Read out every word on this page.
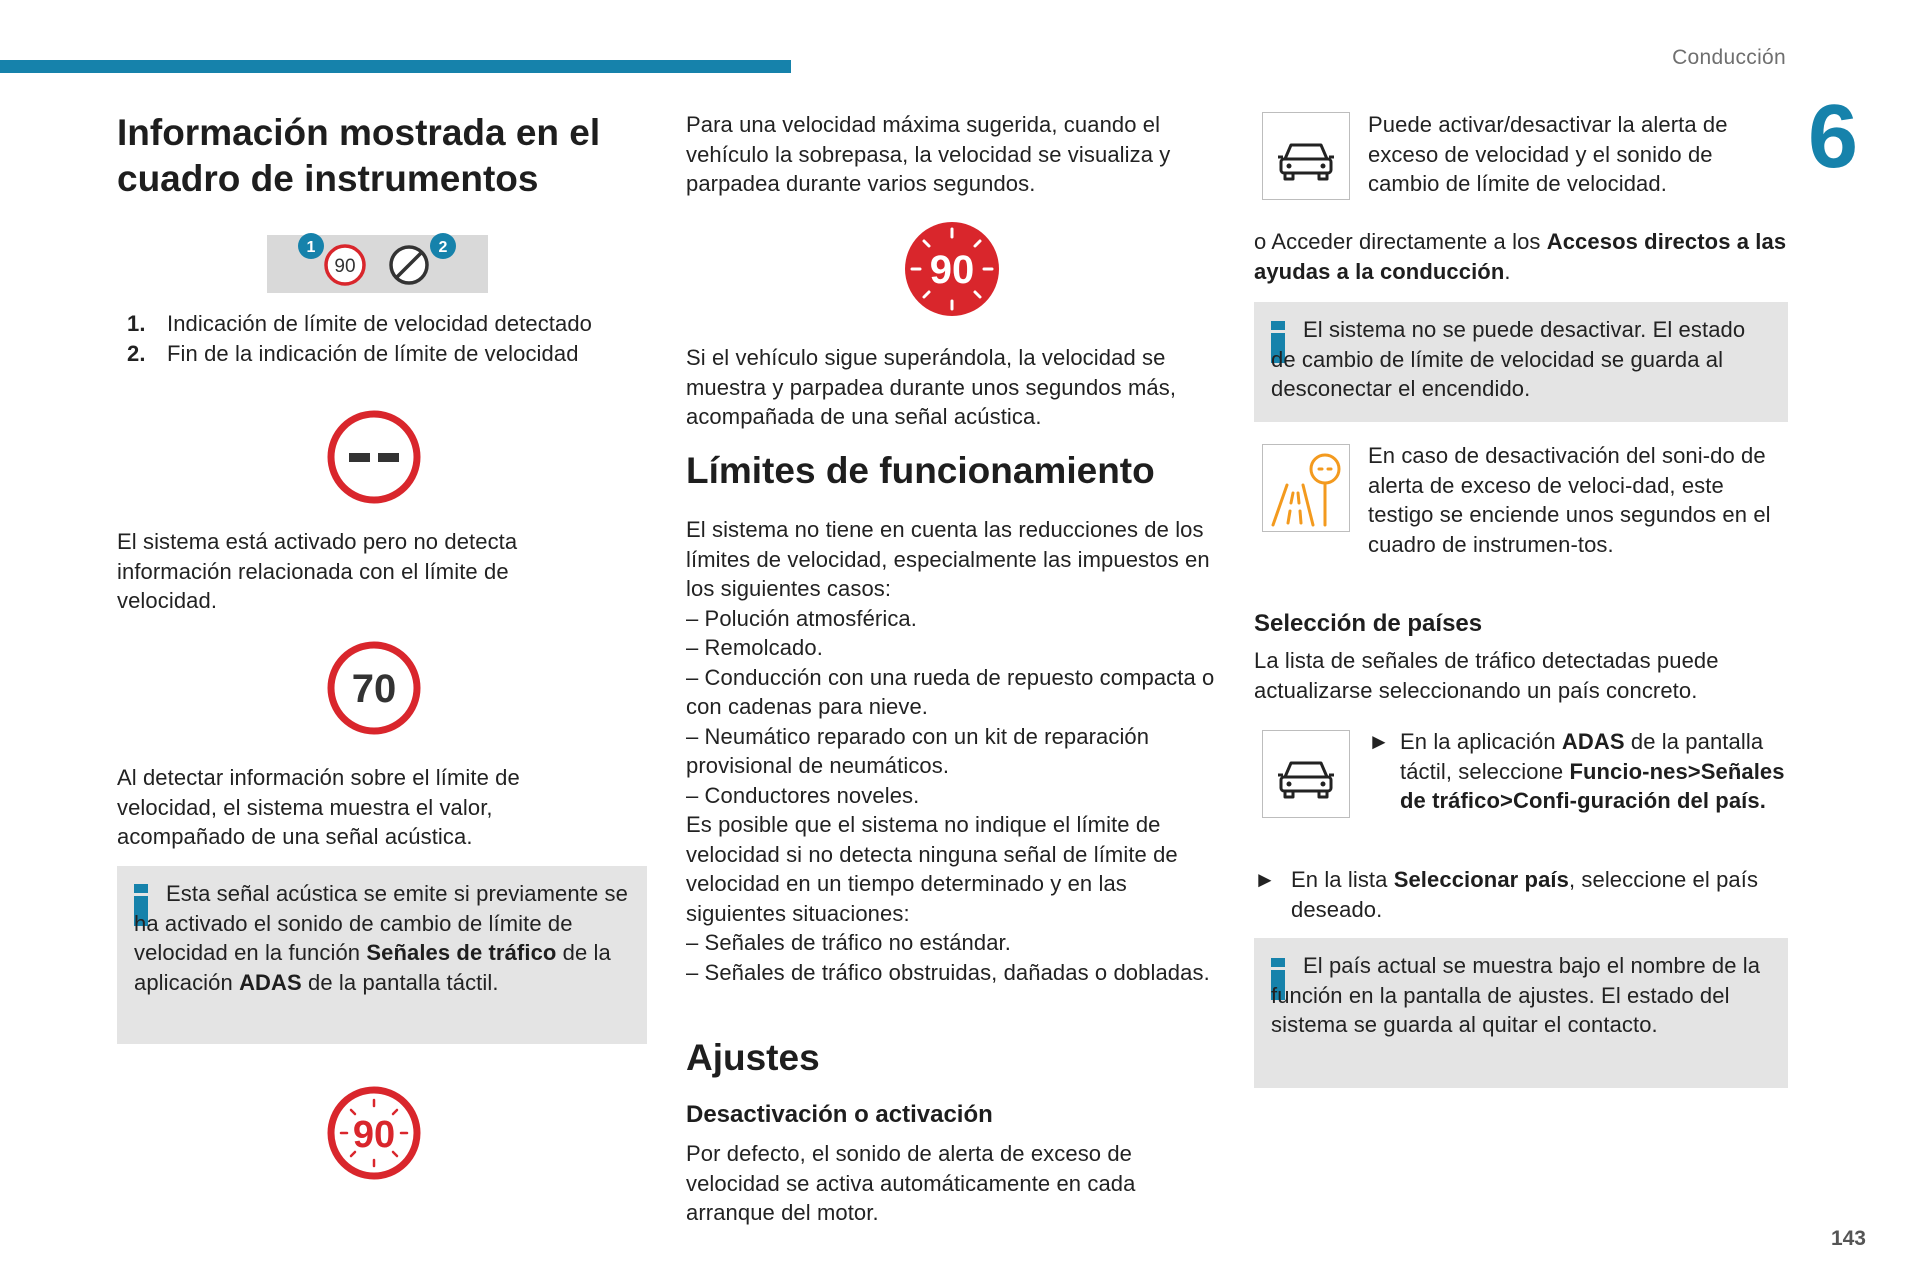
Conducción
6
143
Información mostrada en el
cuadro de instrumentos
90
1	2
1. Indicación de límite de velocidad detectado
2. Fin de la indicación de límite de velocidad
El sistema está activado pero no detecta información relacionada con el límite de velocidad.
70
Al detectar información sobre el límite de velocidad, el sistema muestra el valor, acompañado de una señal acústica.
Esta señal acústica se emite si previamente se ha activado el sonido de cambio de límite de velocidad en la función Señales de tráfico de la aplicación ADAS de la pantalla táctil.
90
Para una velocidad máxima sugerida, cuando el vehículo la sobrepasa, la velocidad se visualiza y parpadea durante varios segundos.
90
Si el vehículo sigue superándola, la velocidad se muestra y parpadea durante unos segundos más, acompañada de una señal acústica.
Límites de funcionamiento
El sistema no tiene en cuenta las reducciones de los límites de velocidad, especialmente las impuestos en los siguientes casos:
– Polución atmosférica.
– Remolcado.
– Conducción con una rueda de repuesto compacta o con cadenas para nieve.
– Neumático reparado con un kit de reparación provisional de neumáticos.
– Conductores noveles.
Es posible que el sistema no indique el límite de velocidad si no detecta ninguna señal de límite de velocidad en un tiempo determinado y en las siguientes situaciones:
– Señales de tráfico no estándar.
– Señales de tráfico obstruidas, dañadas o dobladas.
Ajustes
Desactivación o activación
Por defecto, el sonido de alerta de exceso de velocidad se activa automáticamente en cada arranque del motor.
Puede activar/desactivar la alerta de exceso de velocidad y el sonido de cambio de límite de velocidad.
o Acceder directamente a los Accesos directos a las ayudas a la conducción.
El sistema no se puede desactivar. El estado de cambio de límite de velocidad se guarda al desconectar el encendido.
En caso de desactivación del soni-do de alerta de exceso de veloci-dad, este testigo se enciende unos segundos en el cuadro de instrumen-tos.
Selección de países
La lista de señales de tráfico detectadas puede actualizarse seleccionando un país concreto.
► En la aplicación ADAS de la pantalla táctil, seleccione Funcio-nes>Señales de tráfico>Confi-guración del país.
► En la lista Seleccionar país, seleccione el país deseado.
El país actual se muestra bajo el nombre de la función en la pantalla de ajustes. El estado del sistema se guarda al quitar el contacto.
